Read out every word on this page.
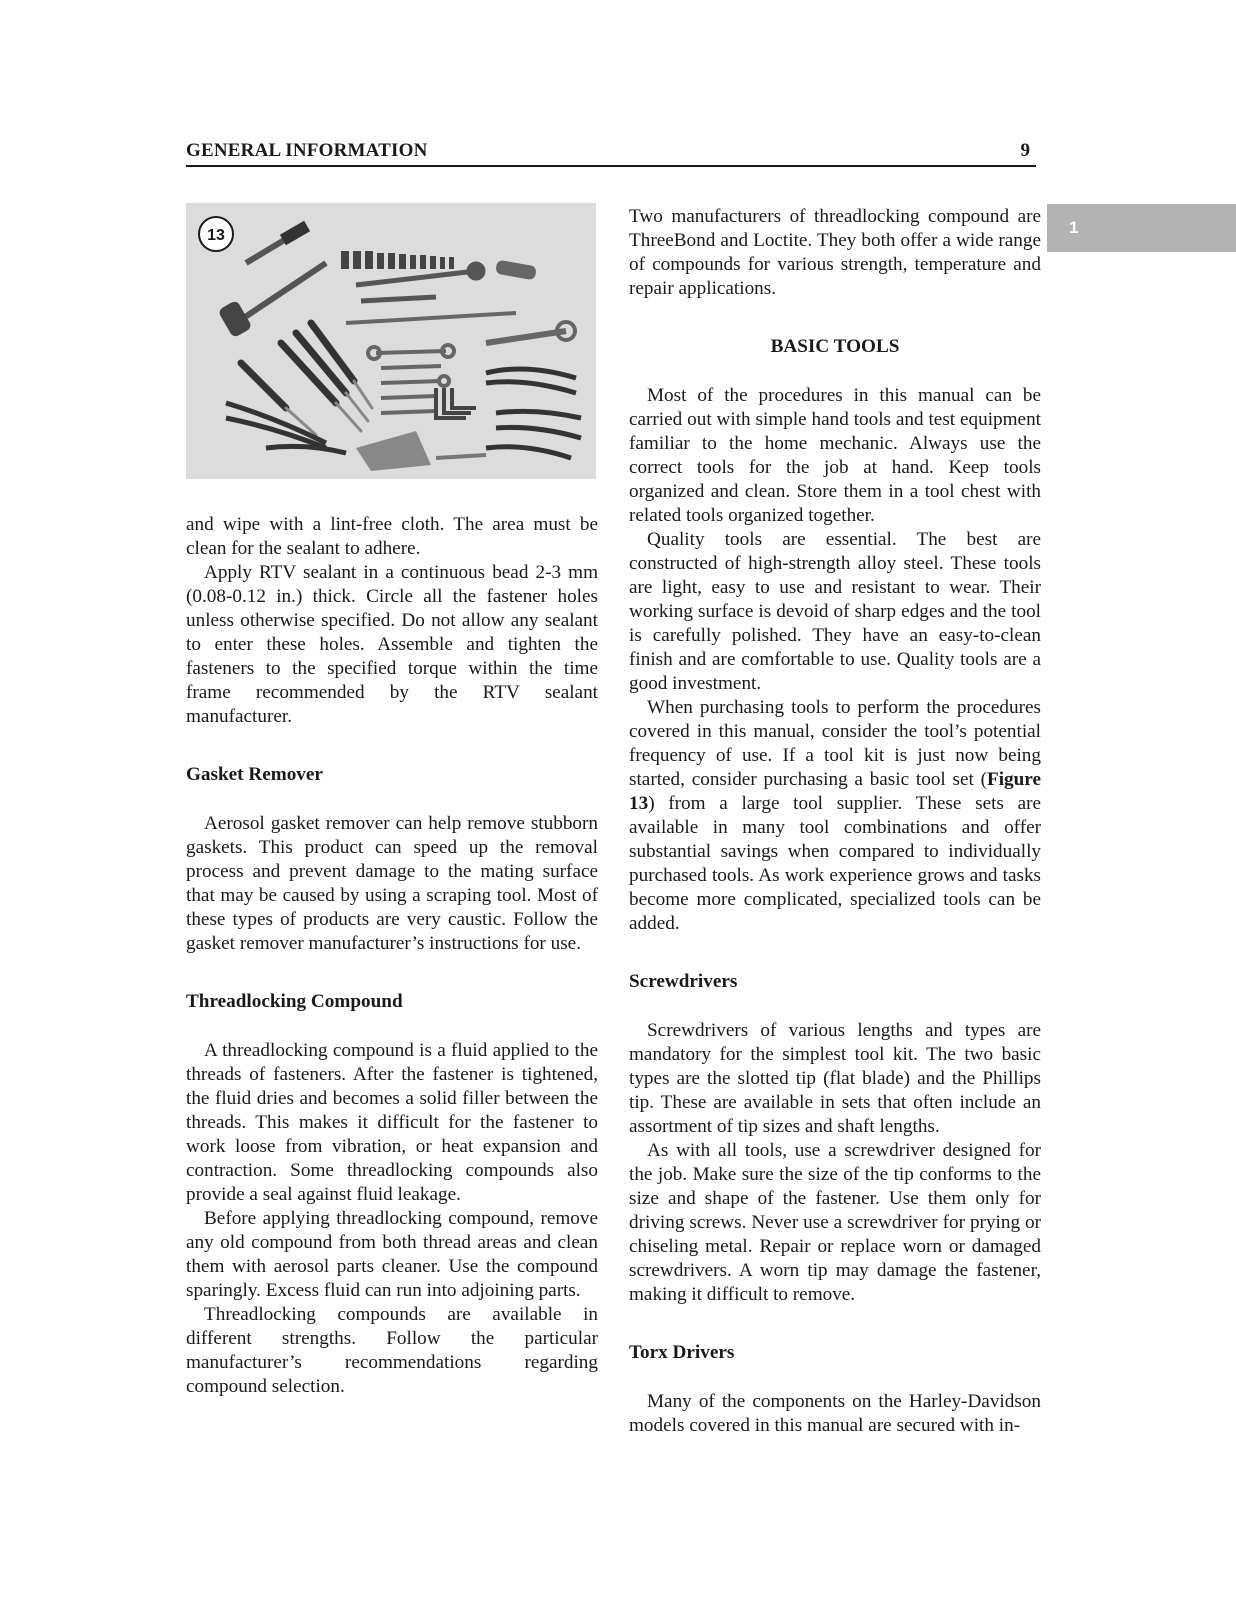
GENERAL INFORMATION	9
1
13

and wipe with a lint-free cloth. The area must be clean for the sealant to adhere.

Apply RTV sealant in a continuous bead 2-3 mm (0.08-0.12 in.) thick. Circle all the fastener holes unless otherwise specified. Do not allow any sealant to enter these holes. Assemble and tighten the fasteners to the specified torque within the time frame recommended by the RTV sealant manufacturer.

Gasket Remover

Aerosol gasket remover can help remove stubborn gaskets. This product can speed up the removal process and prevent damage to the mating surface that may be caused by using a scraping tool. Most of these types of products are very caustic. Follow the gasket remover manufacturer’s instructions for use.

Threadlocking Compound

A threadlocking compound is a fluid applied to the threads of fasteners. After the fastener is tightened, the fluid dries and becomes a solid filler between the threads. This makes it difficult for the fastener to work loose from vibration, or heat expansion and contraction. Some threadlocking compounds also provide a seal against fluid leakage.

Before applying threadlocking compound, remove any old compound from both thread areas and clean them with aerosol parts cleaner. Use the compound sparingly. Excess fluid can run into adjoining parts.

Threadlocking compounds are available in different strengths. Follow the particular manufacturer’s recommendations regarding compound selection.

Two manufacturers of threadlocking compound are ThreeBond and Loctite. They both offer a wide range of compounds for various strength, temperature and repair applications.

BASIC TOOLS

Most of the procedures in this manual can be carried out with simple hand tools and test equipment familiar to the home mechanic. Always use the correct tools for the job at hand. Keep tools organized and clean. Store them in a tool chest with related tools organized together.

Quality tools are essential. The best are constructed of high-strength alloy steel. These tools are light, easy to use and resistant to wear. Their working surface is devoid of sharp edges and the tool is carefully polished. They have an easy-to-clean finish and are comfortable to use. Quality tools are a good investment.

When purchasing tools to perform the procedures covered in this manual, consider the tool’s potential frequency of use. If a tool kit is just now being started, consider purchasing a basic tool set (Figure 13) from a large tool supplier. These sets are available in many tool combinations and offer substantial savings when compared to individually purchased tools. As work experience grows and tasks become more complicated, specialized tools can be added.

Screwdrivers

Screwdrivers of various lengths and types are mandatory for the simplest tool kit. The two basic types are the slotted tip (flat blade) and the Phillips tip. These are available in sets that often include an assortment of tip sizes and shaft lengths.

As with all tools, use a screwdriver designed for the job. Make sure the size of the tip conforms to the size and shape of the fastener. Use them only for driving screws. Never use a screwdriver for prying or chiseling metal. Repair or replace worn or damaged screwdrivers. A worn tip may damage the fastener, making it difficult to remove.

Torx Drivers

Many of the components on the Harley-Davidson models covered in this manual are secured with in-
